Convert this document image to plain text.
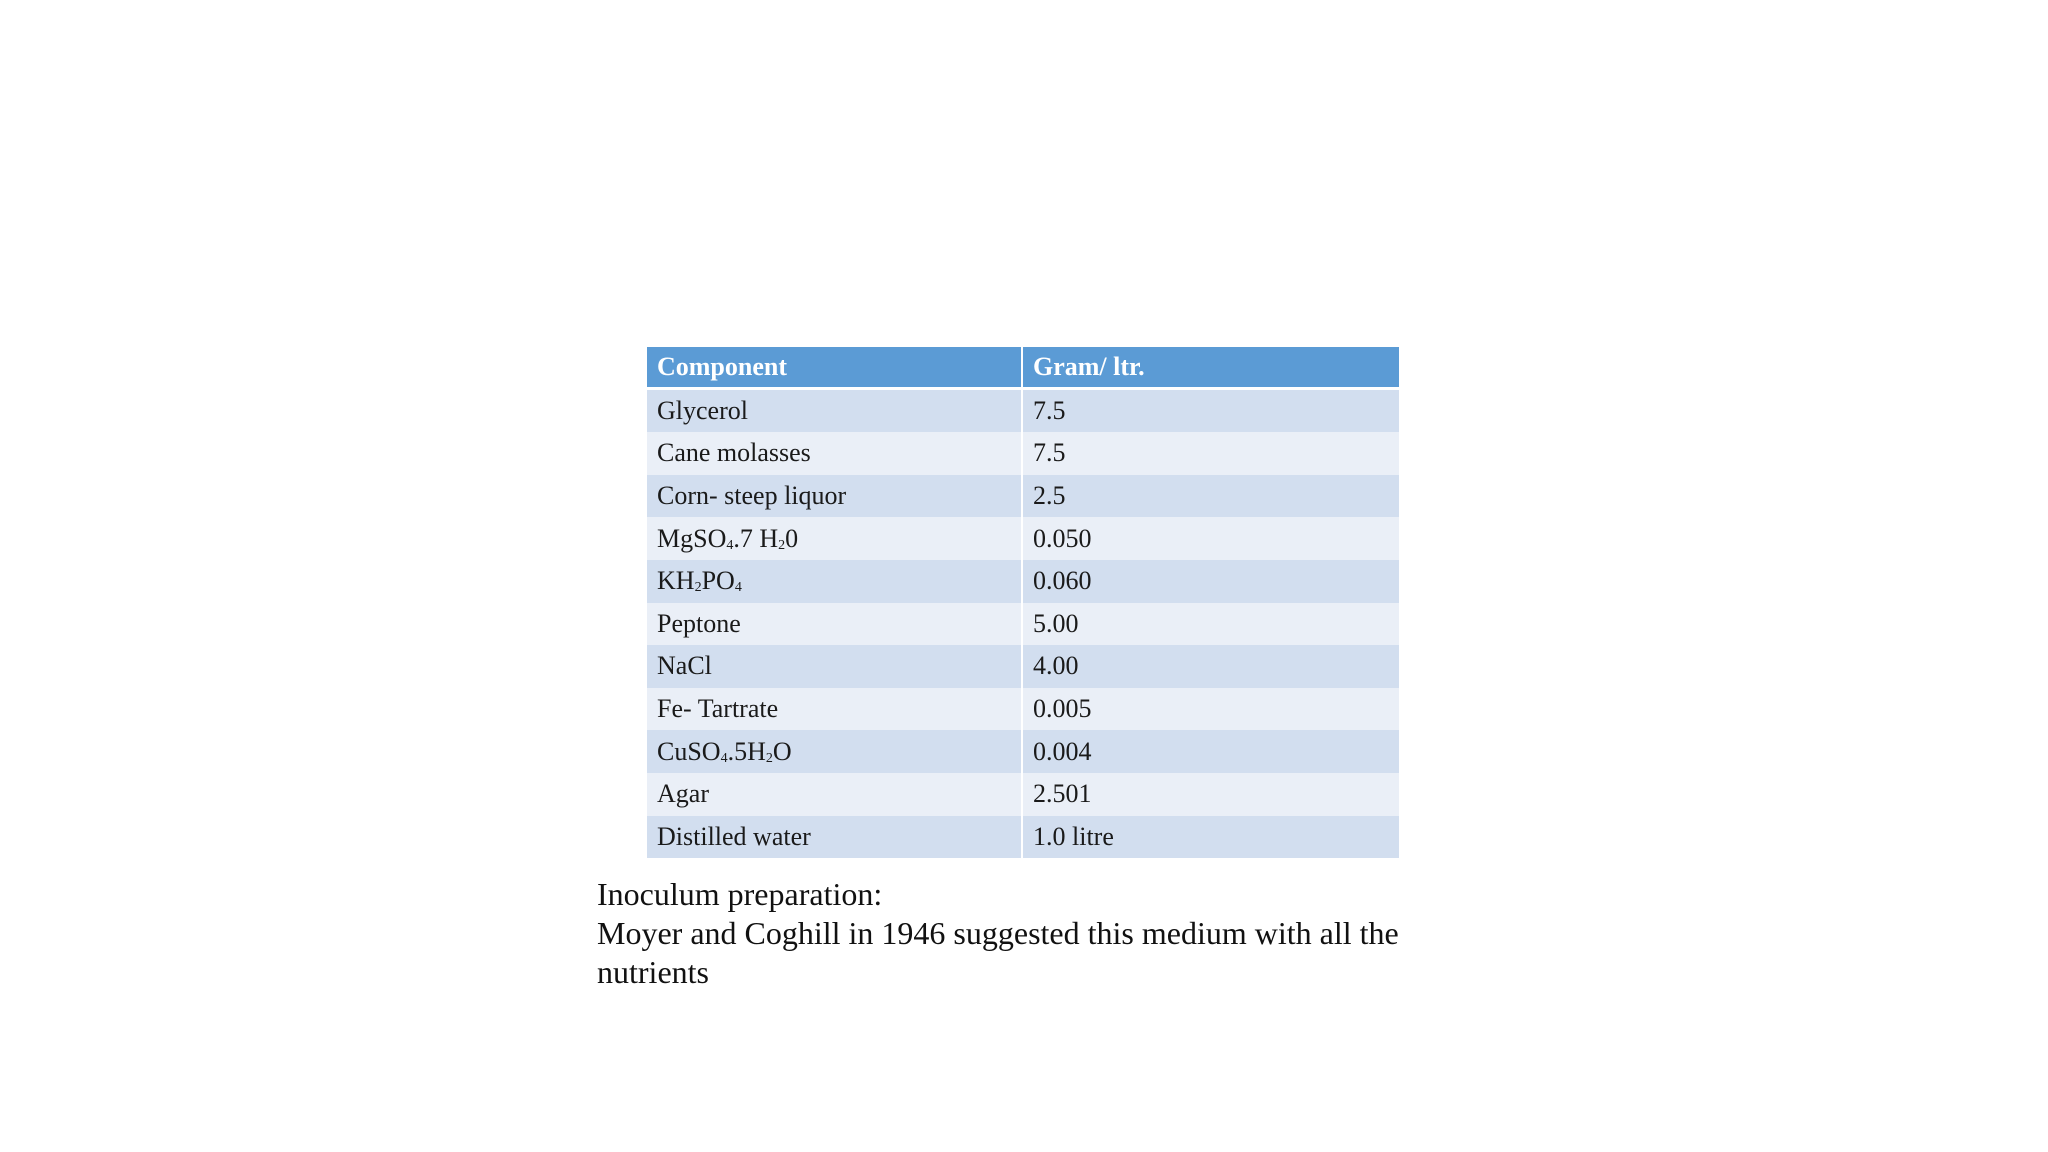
Component	Gram/ ltr.
Glycerol	7.5
Cane molasses	7.5
Corn- steep liquor	2.5
MgSO$_4$.7 $H_20$	0.050
$KH_2PO_4$	0.060
Peptone	5.00
NaCl	4.00
Fe- Tartrate	0.005
$CuSO_4.5H_2O$	0.004
Agar	2.501
Distilled water	1.0 litre

Inoculum preparation:

Moyer and Coghill in 1946 suggested this medium with all the nutrients
